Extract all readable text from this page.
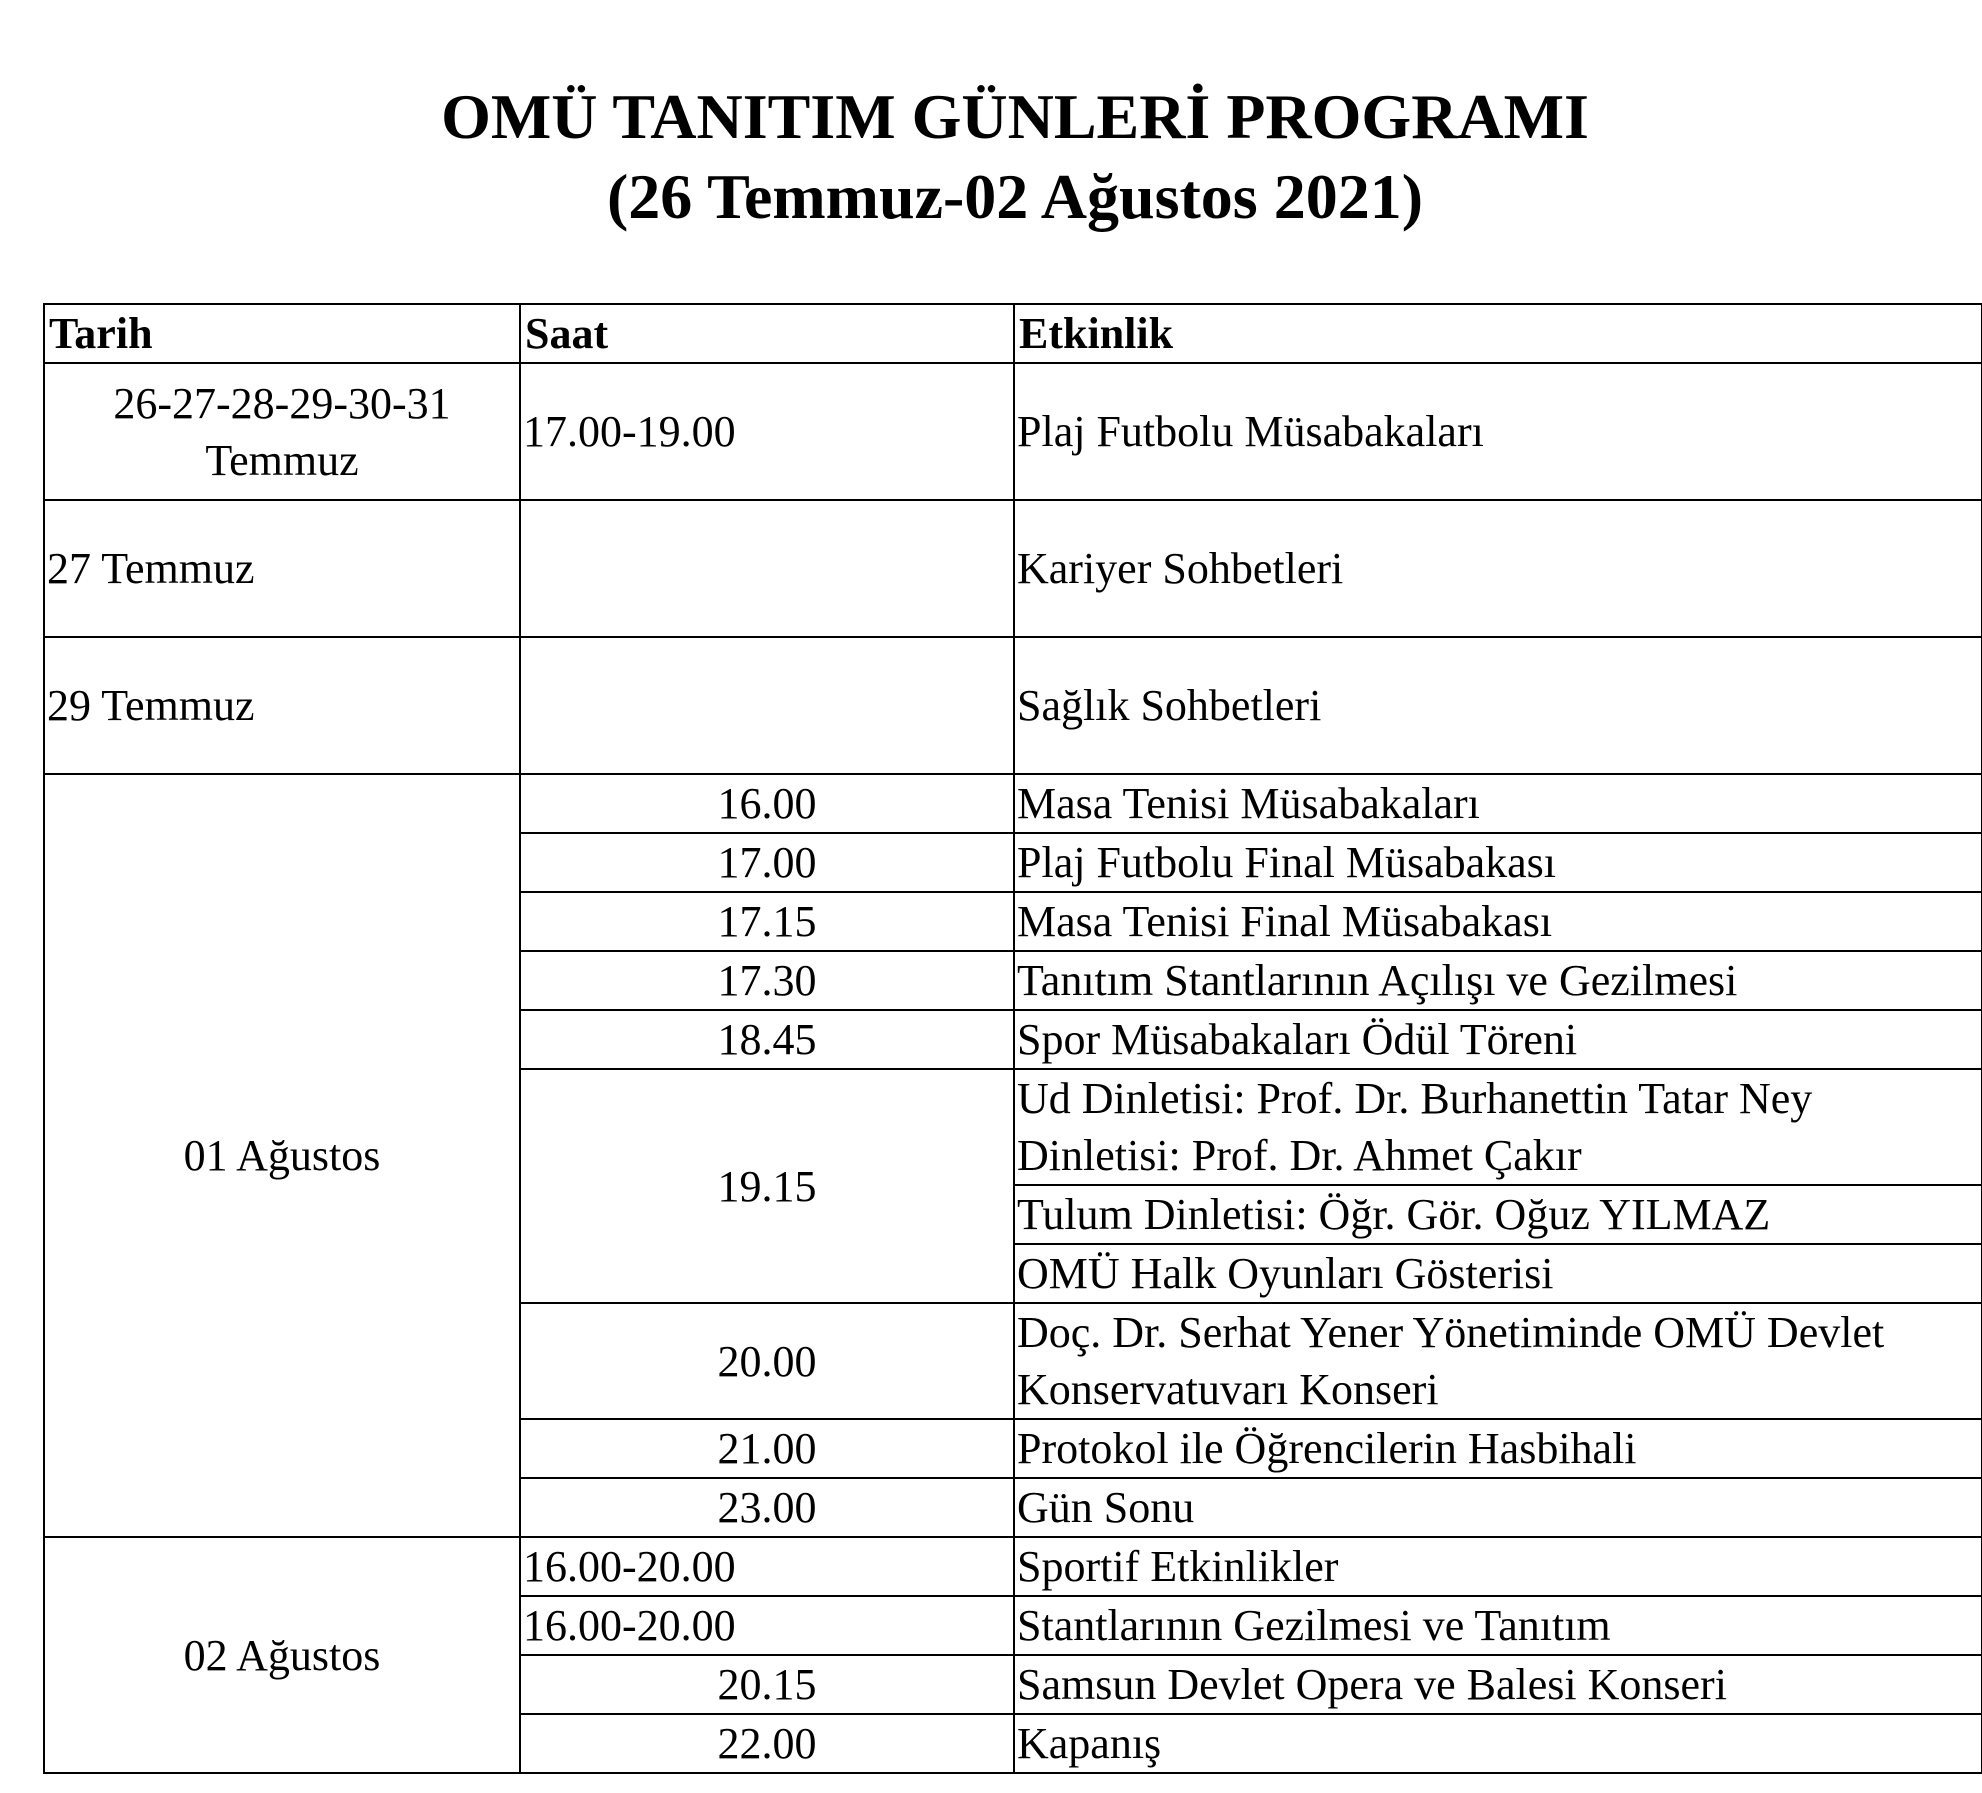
OMÜ TANITIM GÜNLERİ PROGRAMI
(26 Temmuz-02 Ağustos 2021)
Tarih	Saat	Etkinlik

26-27-28-29-30-31
Temmuz	17.00-19.00	Plaj Futbolu Müsabakaları
27 Temmuz		Kariyer Sohbetleri
29 Temmuz		Sağlık Sohbetleri
01 Ağustos	16.00	Masa Tenisi Müsabakaları
	17.00	Plaj Futbolu Final Müsabakası
	17.15	Masa Tenisi Final Müsabakası
	17.30	Tanıtım Stantlarının Açılışı ve Gezilmesi
	18.45	Spor Müsabakaları Ödül Töreni
	19.15	Ud Dinletisi: Prof. Dr. Burhanettin Tatar Ney Dinletisi: Prof. Dr. Ahmet Çakır
		Tulum Dinletisi: Öğr. Gör. Oğuz YILMAZ
		OMÜ Halk Oyunları Gösterisi
	20.00	Doç. Dr. Serhat Yener Yönetiminde OMÜ Devlet Konservatuvarı Konseri
	21.00	Protokol ile Öğrencilerin Hasbihali
	23.00	Gün Sonu
02 Ağustos	16.00-20.00	Sportif Etkinlikler
	16.00-20.00	Stantlarının Gezilmesi ve Tanıtım
	20.15	Samsun Devlet Opera ve Balesi Konseri
	22.00	Kapanış
